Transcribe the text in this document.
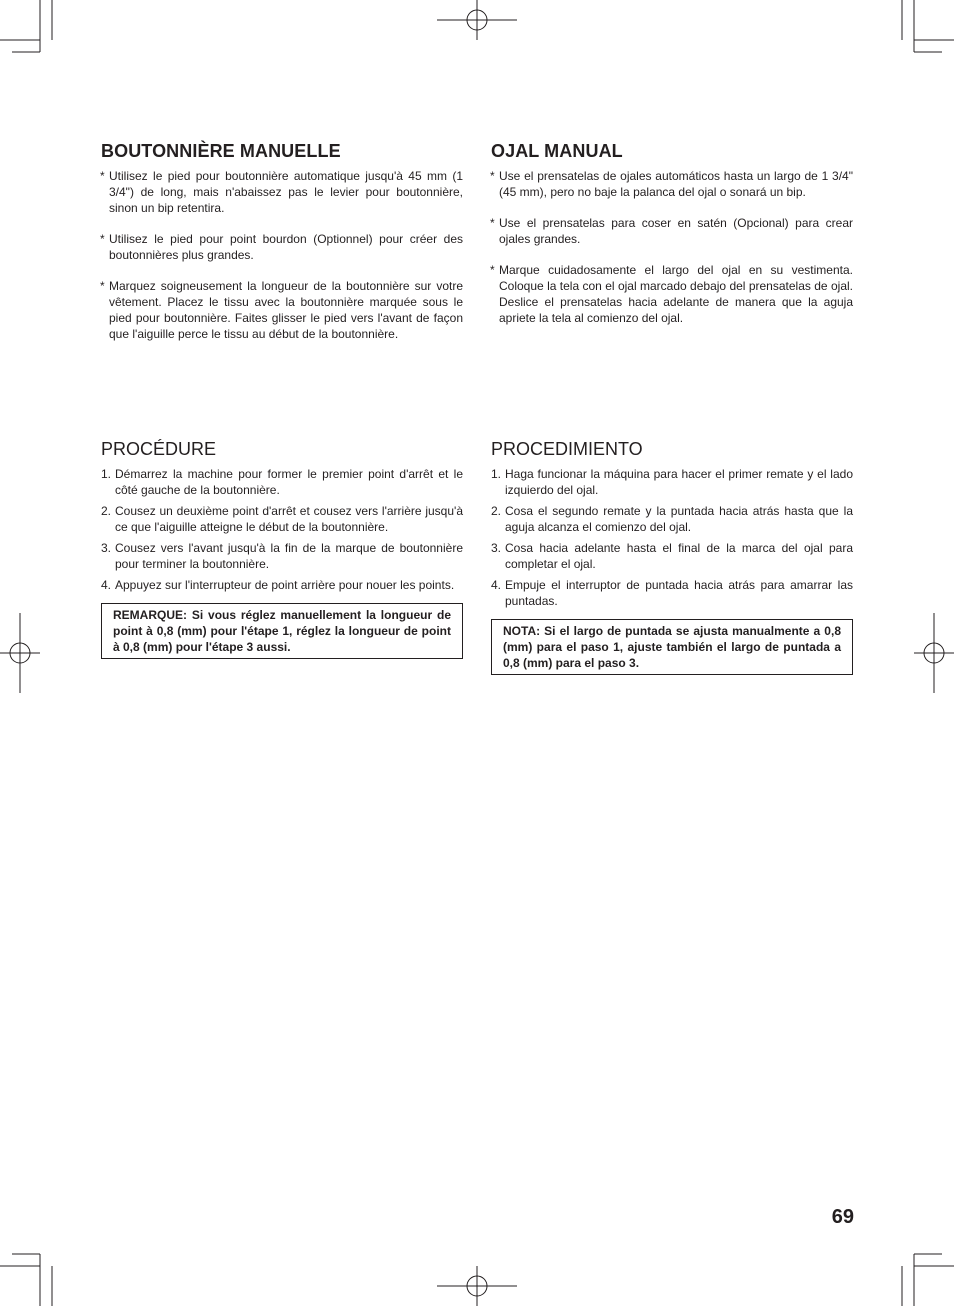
BOUTONNIÈRE MANUELLE
* Utilisez le pied pour boutonnière automatique jusqu'à 45 mm (1 3/4") de long, mais n'abaissez pas le levier pour boutonnière, sinon un bip retentira.
* Utilisez le pied pour point bourdon (Optionnel) pour créer des boutonnières plus grandes.
* Marquez soigneusement la longueur de la boutonnière sur votre vêtement. Placez le tissu avec la boutonnière marquée sous le pied pour boutonnière. Faites glisser le pied vers l'avant de façon que l'aiguille perce le tissu au début de la boutonnière.
OJAL MANUAL
* Use el prensatelas de ojales automáticos hasta un largo de 1 3/4" (45 mm), pero no baje la palanca del ojal o sonará un bip.
* Use el prensatelas para coser en satén (Opcional) para crear ojales grandes.
* Marque cuidadosamente el largo del ojal en su vestimenta. Coloque la tela con el ojal marcado debajo del prensatelas de ojal. Deslice el prensatelas hacia adelante de manera que la aguja apriete la tela al comienzo del ojal.
PROCÉDURE
1. Démarrez la machine pour former le premier point d'arrêt et le côté gauche de la boutonnière.
2. Cousez un deuxième point d'arrêt et cousez vers l'arrière jusqu'à ce que l'aiguille atteigne le début de la boutonnière.
3. Cousez vers l'avant jusqu'à la fin de la marque de boutonnière pour terminer la boutonnière.
4. Appuyez sur l'interrupteur de point arrière pour nouer les points.
REMARQUE: Si vous réglez manuellement la longueur de point à 0,8 (mm) pour l'étape 1, réglez la longueur de point à 0,8 (mm) pour l'étape 3 aussi.
PROCEDIMIENTO
1. Haga funcionar la máquina para hacer el primer remate y el lado izquierdo del ojal.
2. Cosa el segundo remate y la puntada hacia atrás hasta que la aguja alcanza el comienzo del ojal.
3. Cosa hacia adelante hasta el final de la marca del ojal para completar el ojal.
4. Empuje el interruptor de puntada hacia atrás para amarrar las puntadas.
NOTA: Si el largo de puntada se ajusta manualmente a 0,8 (mm) para el paso 1, ajuste también el largo de puntada a 0,8 (mm) para el paso 3.
69
